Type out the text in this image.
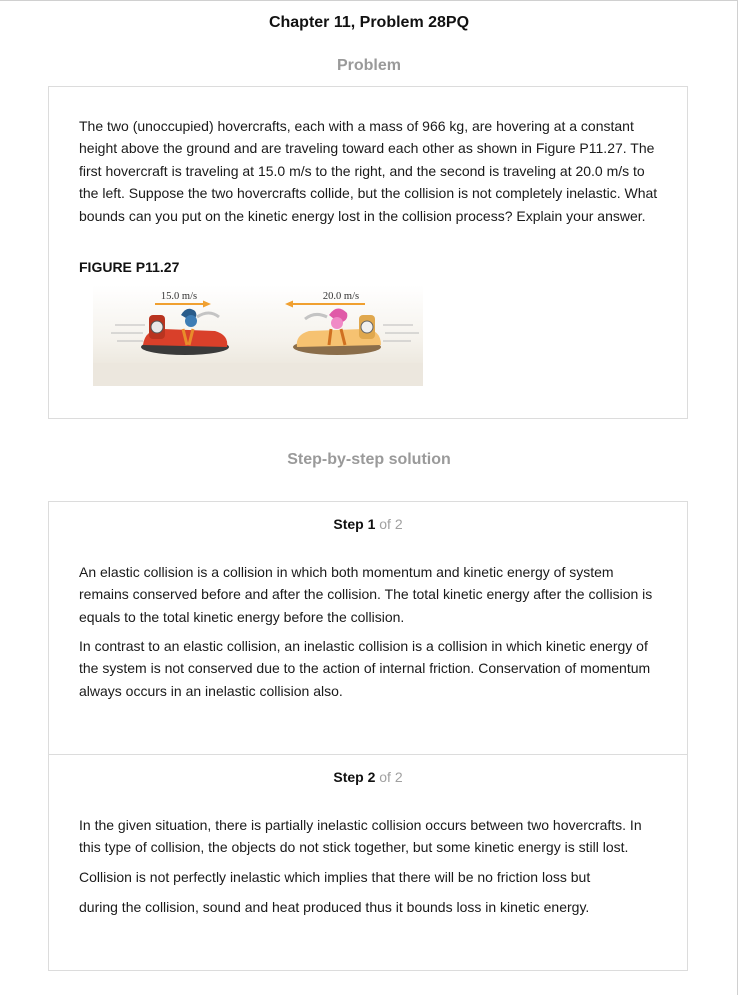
Chapter 11, Problem 28PQ
Problem
The two (unoccupied) hovercrafts, each with a mass of 966 kg, are hovering at a constant height above the ground and are traveling toward each other as shown in Figure P11.27. The first hovercraft is traveling at 15.0 m/s to the right, and the second is traveling at 20.0 m/s to the left. Suppose the two hovercrafts collide, but the collision is not completely inelastic. What bounds can you put on the kinetic energy lost in the collision process? Explain your answer.
FIGURE P11.27
15.0 m/s	20.0 m/s
Step-by-step solution
Step 1 of 2

An elastic collision is a collision in which both momentum and kinetic energy of system remains conserved before and after the collision. The total kinetic energy after the collision is equals to the total kinetic energy before the collision.

In contrast to an elastic collision, an inelastic collision is a collision in which kinetic energy of the system is not conserved due to the action of internal friction. Conservation of momentum always occurs in an inelastic collision also.

Step 2 of 2

In the given situation, there is partially inelastic collision occurs between two hovercrafts. In this type of collision, the objects do not stick together, but some kinetic energy is still lost.

Collision is not perfectly inelastic which implies that there will be no friction loss but

during the collision, sound and heat produced thus it bounds loss in kinetic energy.
